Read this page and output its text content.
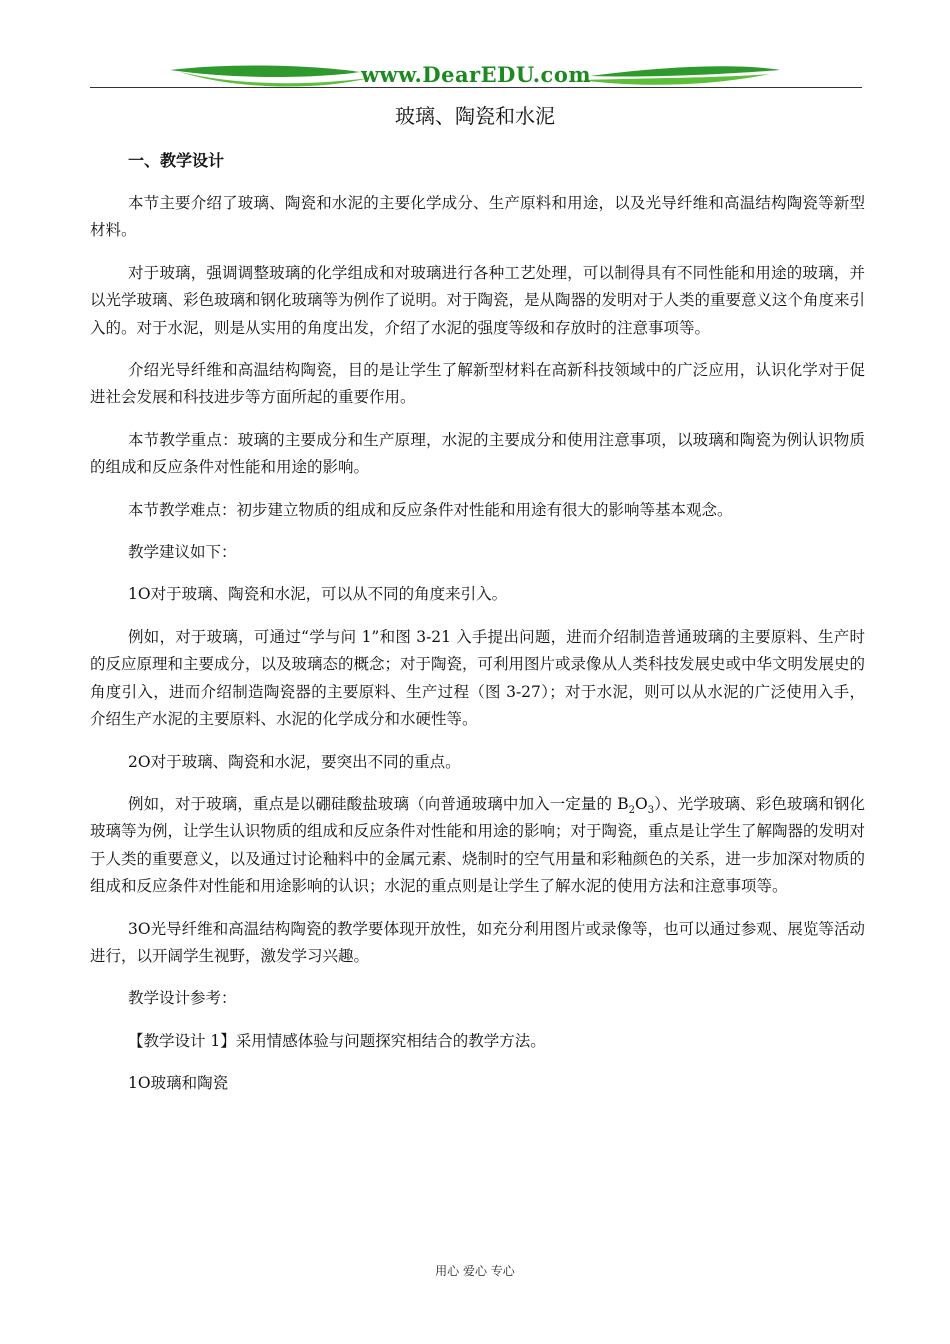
www.DearEDU.com
玻璃、陶瓷和水泥
一、教学设计

本节主要介绍了玻璃、陶瓷和水泥的主要化学成分、生产原料和用途，以及光导纤维和高温结构陶瓷等新型材料。

对于玻璃，强调调整玻璃的化学组成和对玻璃进行各种工艺处理，可以制得具有不同性能和用途的玻璃，并以光学玻璃、彩色玻璃和钢化玻璃等为例作了说明。对于陶瓷，是从陶器的发明对于人类的重要意义这个角度来引入的。对于水泥，则是从实用的角度出发，介绍了水泥的强度等级和存放时的注意事项等。

介绍光导纤维和高温结构陶瓷，目的是让学生了解新型材料在高新科技领域中的广泛应用，认识化学对于促进社会发展和科技进步等方面所起的重要作用。

本节教学重点：玻璃的主要成分和生产原理，水泥的主要成分和使用注意事项，以玻璃和陶瓷为例认识物质的组成和反应条件对性能和用途的影响。

本节教学难点：初步建立物质的组成和反应条件对性能和用途有很大的影响等基本观念。

教学建议如下：

1O对于玻璃、陶瓷和水泥，可以从不同的角度来引入。

例如，对于玻璃，可通过“学与问 1”和图 3-21 入手提出问题，进而介绍制造普通玻璃的主要原料、生产时的反应原理和主要成分，以及玻璃态的概念；对于陶瓷，可利用图片或录像从人类科技发展史或中华文明发展史的角度引入，进而介绍制造陶瓷器的主要原料、生产过程（图 3-27）；对于水泥，则可以从水泥的广泛使用入手，介绍生产水泥的主要原料、水泥的化学成分和水硬性等。

2O对于玻璃、陶瓷和水泥，要突出不同的重点。

例如，对于玻璃，重点是以硼硅酸盐玻璃（向普通玻璃中加入一定量的 $B_2O_3$）、光学玻璃、彩色玻璃和钢化玻璃等为例，让学生认识物质的组成和反应条件对性能和用途的影响；对于陶瓷，重点是让学生了解陶器的发明对于人类的重要意义，以及通过讨论釉料中的金属元素、烧制时的空气用量和彩釉颜色的关系，进一步加深对物质的组成和反应条件对性能和用途影响的认识；水泥的重点则是让学生了解水泥的使用方法和注意事项等。

3O光导纤维和高温结构陶瓷的教学要体现开放性，如充分利用图片或录像等，也可以通过参观、展览等活动进行，以开阔学生视野，激发学习兴趣。

教学设计参考：

【教学设计 1】采用情感体验与问题探究相结合的教学方法。

1O玻璃和陶瓷

用心 爱心 专心
